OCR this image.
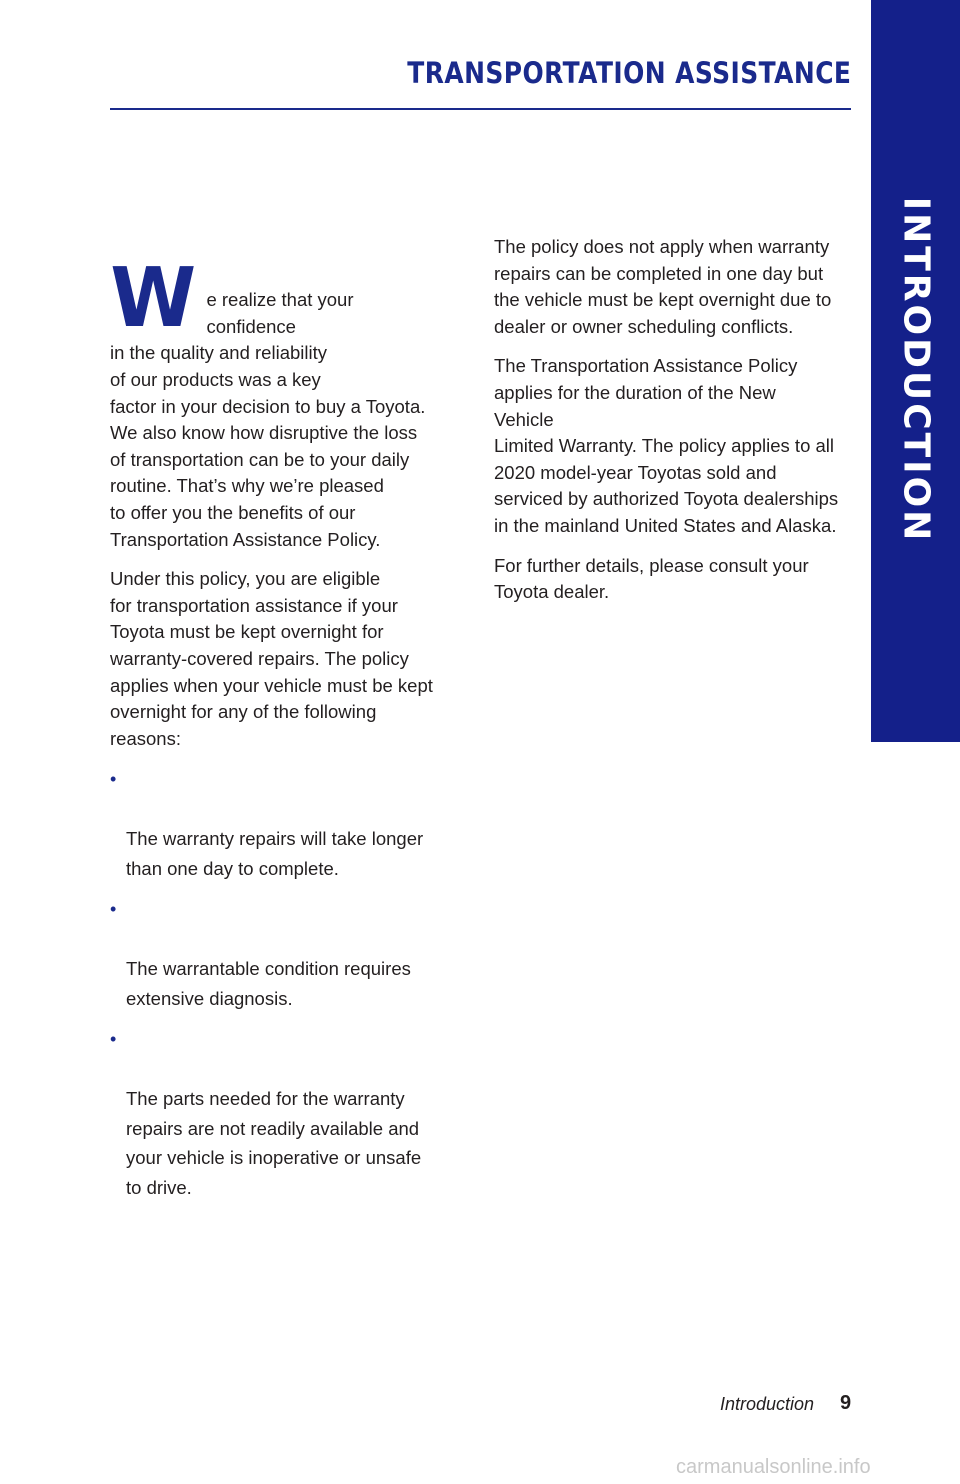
TRANSPORTATION ASSISTANCE
INTRODUCTION

W e realize that your confidence
in the quality and reliability
of our products was a key
factor in your decision to buy a Toyota.
We also know how disruptive the loss
of transportation can be to your daily
routine. That’s why we’re pleased
to offer you the benefits of our
Transportation Assistance Policy.

Under this policy, you are eligible
for transportation assistance if your
Toyota must be kept overnight for
warranty-covered repairs. The policy
applies when your vehicle must be kept
overnight for any of the following reasons:

•

The warranty repairs will take longer
than one day to complete.

•

The warrantable condition requires
extensive diagnosis.

•

The parts needed for the warranty
repairs are not readily available and
your vehicle is inoperative or unsafe
to drive.

The policy does not apply when warranty
repairs can be completed in one day but
the vehicle must be kept overnight due to
dealer or owner scheduling conflicts.

The Transportation Assistance Policy
applies for the duration of the New Vehicle
Limited Warranty. The policy applies to all
2020 model-year Toyotas sold and
serviced by authorized Toyota dealerships
in the mainland United States and Alaska.

For further details, please consult your
Toyota dealer.

Introduction 9
carmanualsonline.info
